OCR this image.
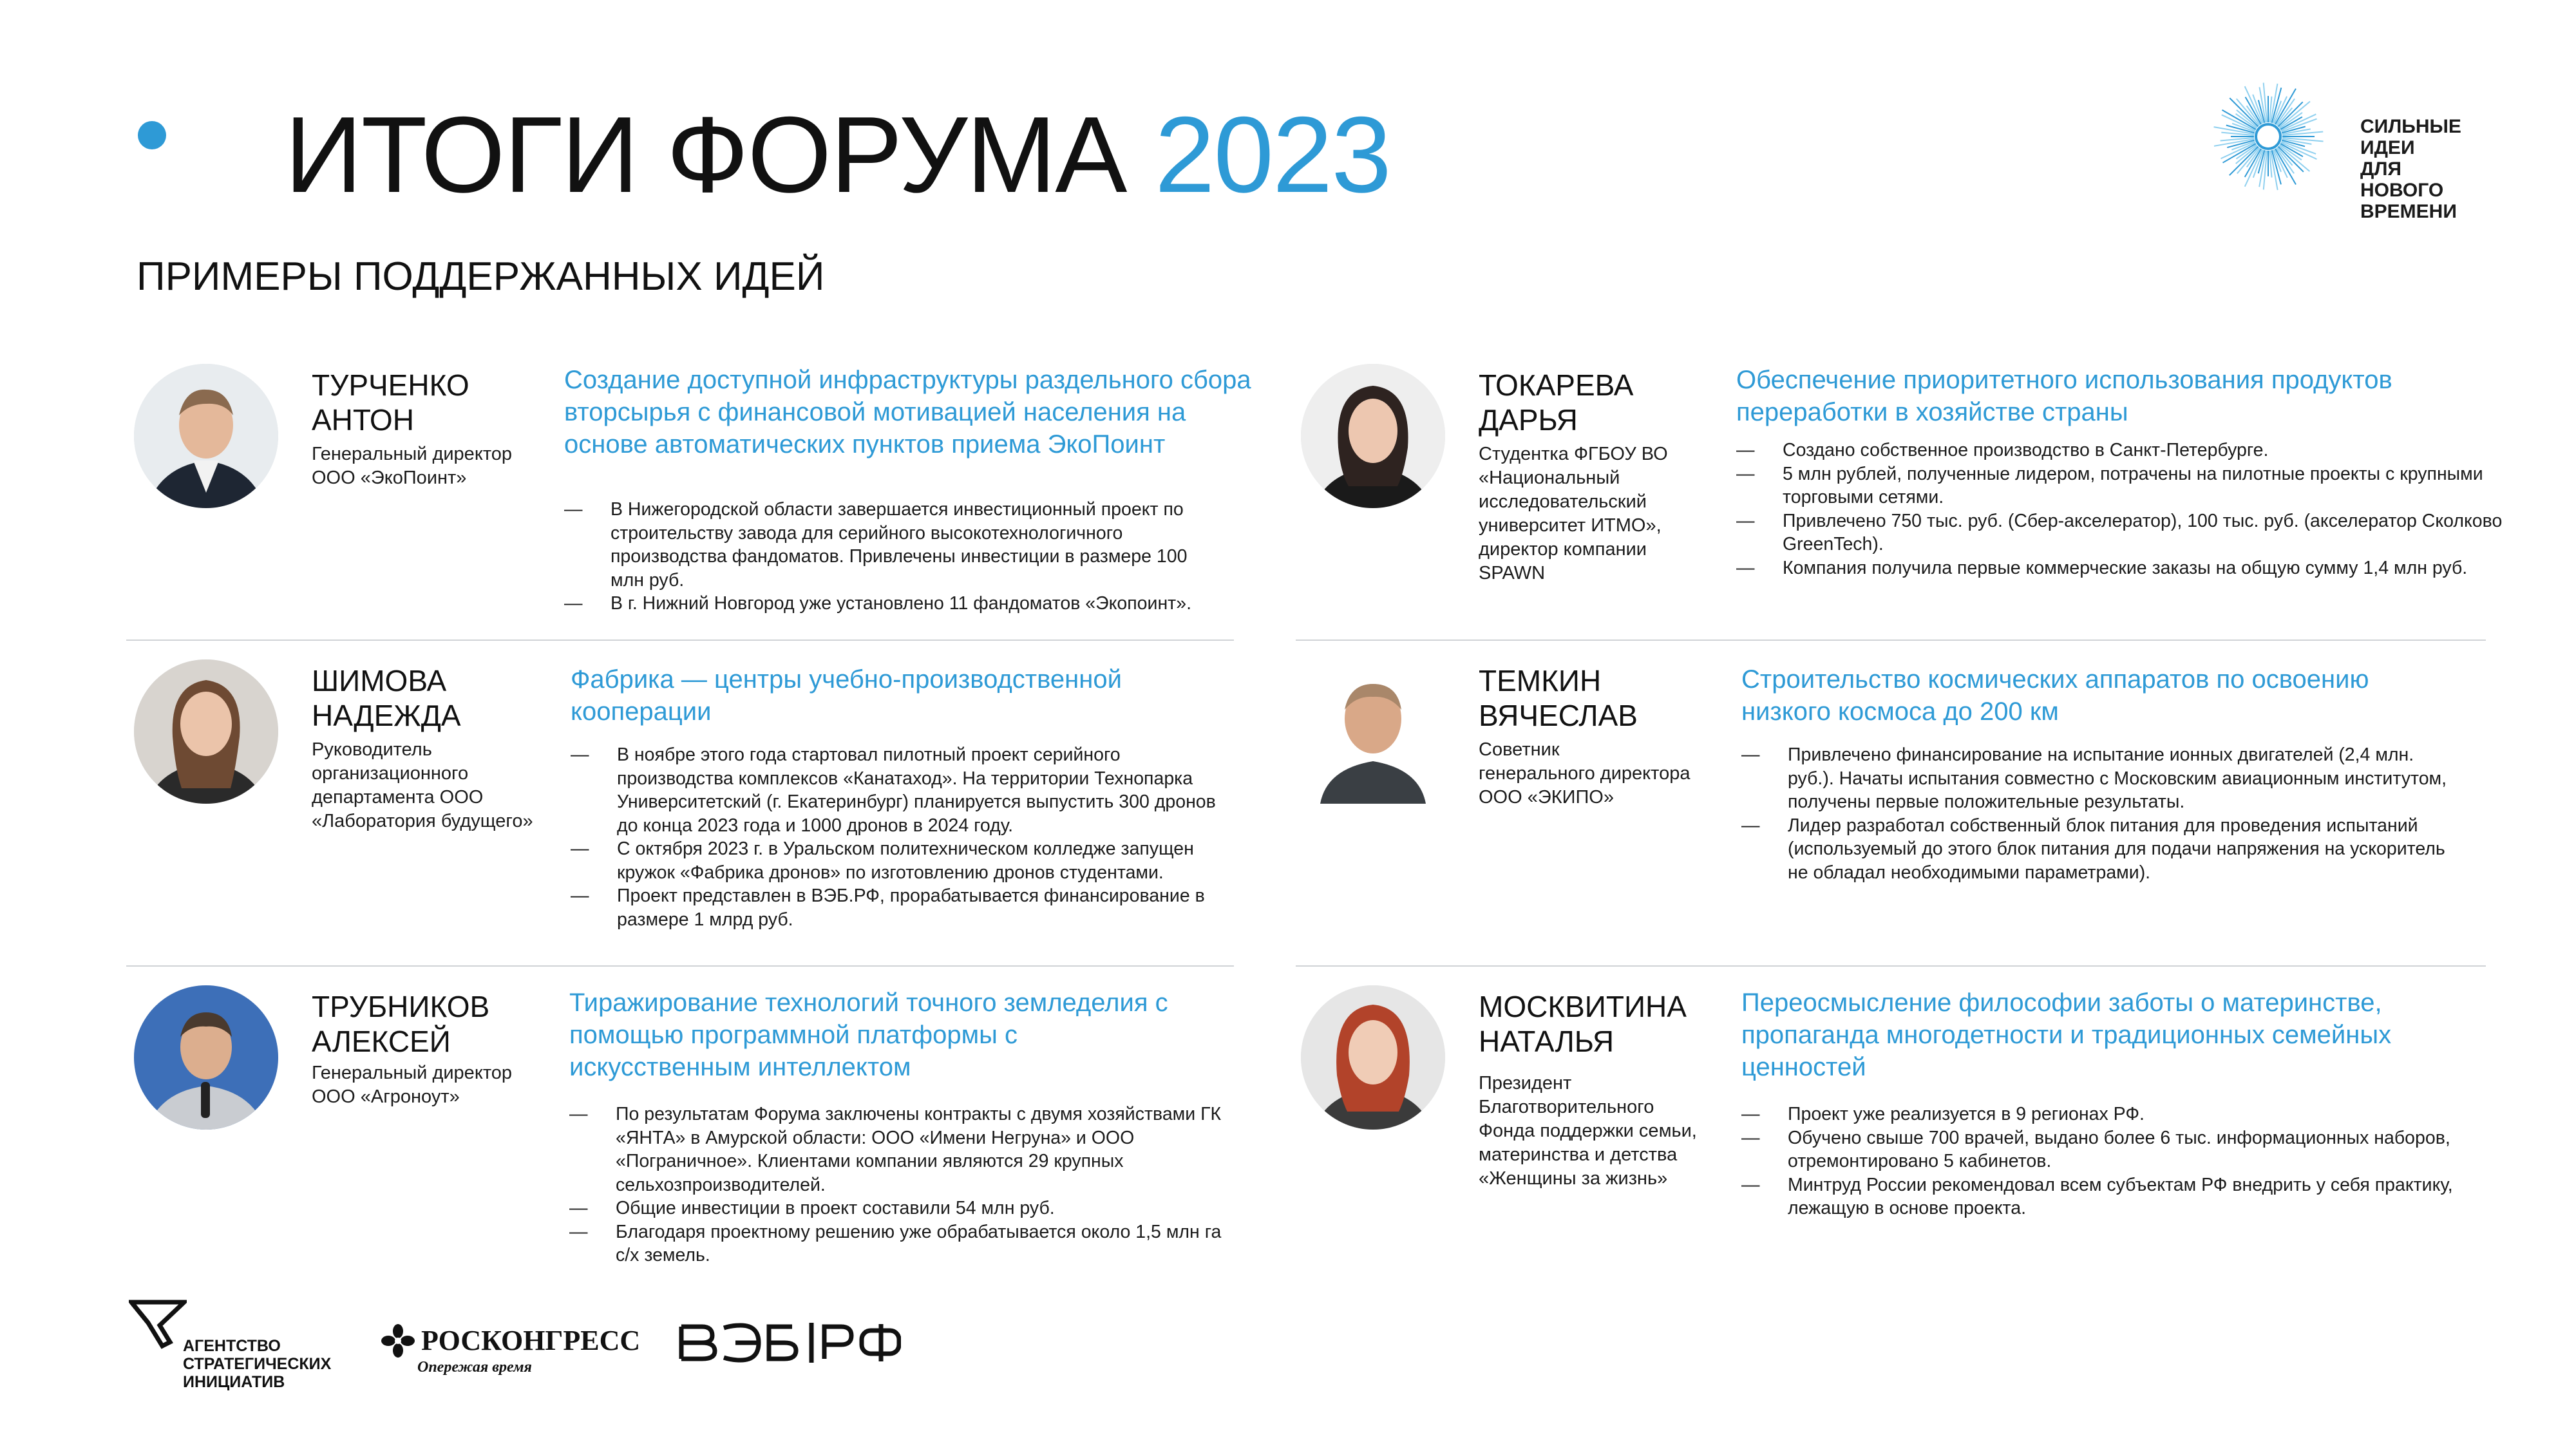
ИТОГИ ФОРУМА 2023
ПРИМЕРЫ ПОДДЕРЖАННЫХ ИДЕЙ
СИЛЬНЫЕ ИДЕИ
ДЛЯ НОВОГО
ВРЕМЕНИ
ТУРЧЕНКО
АНТОН
Генеральный директор
ООО «ЭкоПоинт»
Создание доступной инфраструктуры раздельного сбора вторсырья с финансовой мотивацией населения на основе автоматических пунктов приема ЭкоПоинт
— В Нижегородской области завершается инвестиционный проект по строительству завода для серийного высокотехнологичного производства фандоматов. Привлечены инвестиции в размере 100 млн руб.
— В г. Нижний Новгород уже установлено 11 фандоматов «Экопоинт».
ШИМОВА
НАДЕЖДА
Руководитель
организационного
департамента ООО
«Лаборатория будущего»
Фабрика — центры учебно-производственной кооперации
— В ноябре этого года стартовал пилотный проект серийного производства комплексов «Канатаход». На территории Технопарка Университетский (г. Екатеринбург) планируется выпустить 300 дронов до конца 2023 года и 1000 дронов в 2024 году.
— С октября 2023 г. в Уральском политехническом колледже запущен кружок «Фабрика дронов» по изготовлению дронов студентами.
— Проект представлен в ВЭБ.РФ, прорабатывается финансирование в размере 1 млрд руб.
ТРУБНИКОВ
АЛЕКСЕЙ
Генеральный директор
ООО «Агроноут»
Тиражирование технологий точного земледелия с помощью программной платформы с искусственным интеллектом
— По результатам Форума заключены контракты с двумя хозяйствами ГК «ЯНТА» в Амурской области: ООО «Имени Негруна» и ООО «Пограничное». Клиентами компании являются 29 крупных сельхозпроизводителей.
— Общие инвестиции в проект составили 54 млн руб.
— Благодаря проектному решению уже обрабатывается около 1,5 млн га с/х земель.
ТОКАРЕВА
ДАРЬЯ
Студентка ФГБОУ ВО
«Национальный
исследовательский
университет ИТМО»,
директор компании
SPAWN
Обеспечение приоритетного использования продуктов переработки в хозяйстве страны
— Создано собственное производство в Санкт-Петербурге.
— 5 млн рублей, полученные лидером, потрачены на пилотные проекты с крупными торговыми сетями.
— Привлечено 750 тыс. руб. (Сбер-акселератор), 100 тыс. руб. (акселератор Сколково GreenTech).
— Компания получила первые коммерческие заказы на общую сумму 1,4 млн руб.
ТЕМКИН
ВЯЧЕСЛАВ
Советник
генерального директора
ООО «ЭКИПО»
Строительство космических аппаратов по освоению низкого космоса до 200 км
— Привлечено финансирование на испытание ионных двигателей (2,4 млн. руб.). Начаты испытания совместно с Московским авиационным институтом, получены первые положительные результаты.
— Лидер разработал собственный блок питания для проведения испытаний (используемый до этого блок питания для подачи напряжения на ускоритель не обладал необходимыми параметрами).
МОСКВИТИНА
НАТАЛЬЯ
Президент
Благотворительного
Фонда поддержки семьи,
материнства и детства
«Женщины за жизнь»
Переосмысление философии заботы о материнстве, пропаганда многодетности и традиционных семейных ценностей
— Проект уже реализуется в 9 регионах РФ.
— Обучено свыше 700 врачей, выдано более 6 тыс. информационных наборов, отремонтировано 5 кабинетов.
— Минтруд России рекомендовал всем субъектам РФ внедрить у себя практику, лежащую в основе проекта.
АГЕНТСТВО
СТРАТЕГИЧЕСКИХ
ИНИЦИАТИВ
РОСКОНГРЕСС
Опережая время
